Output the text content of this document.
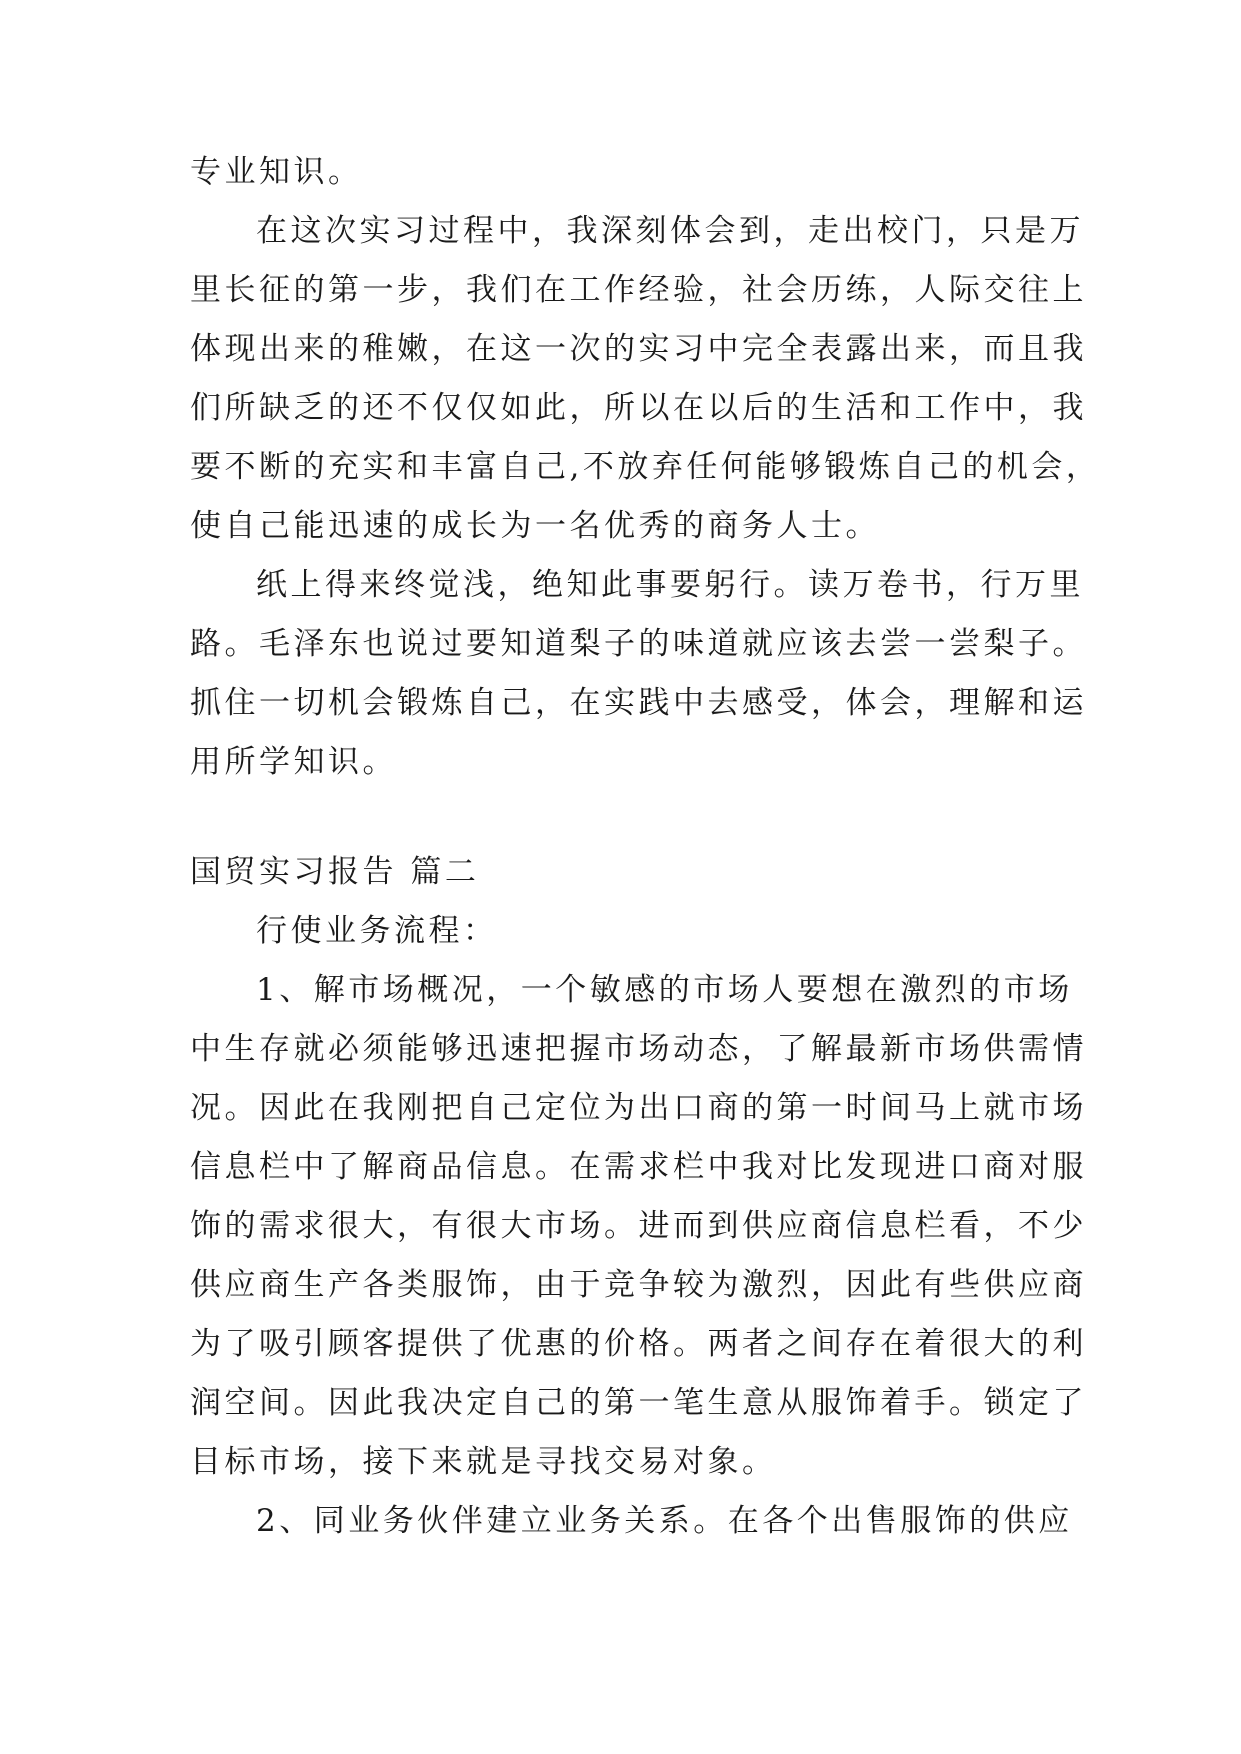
专业知识。
在这次实习过程中，我深刻体会到，走出校门，只是万
里长征的第一步，我们在工作经验，社会历练，人际交往上
体现出来的稚嫩，在这一次的实习中完全表露出来，而且我
们所缺乏的还不仅仅如此，所以在以后的生活和工作中，我
要不断的充实和丰富自己,不放弃任何能够锻炼自己的机会，
使自己能迅速的成长为一名优秀的商务人士。
纸上得来终觉浅，绝知此事要躬行。读万卷书，行万里
路。毛泽东也说过要知道梨子的味道就应该去尝一尝梨子。
抓住一切机会锻炼自己，在实践中去感受，体会，理解和运
用所学知识。
国贸实习报告 篇二
行使业务流程：
1、解市场概况，一个敏感的市场人要想在激烈的市场
中生存就必须能够迅速把握市场动态，了解最新市场供需情
况。因此在我刚把自己定位为出口商的第一时间马上就市场
信息栏中了解商品信息。在需求栏中我对比发现进口商对服
饰的需求很大，有很大市场。进而到供应商信息栏看，不少
供应商生产各类服饰，由于竞争较为激烈，因此有些供应商
为了吸引顾客提供了优惠的价格。两者之间存在着很大的利
润空间。因此我决定自己的第一笔生意从服饰着手。锁定了
目标市场，接下来就是寻找交易对象。
2、同业务伙伴建立业务关系。在各个出售服饰的供应
